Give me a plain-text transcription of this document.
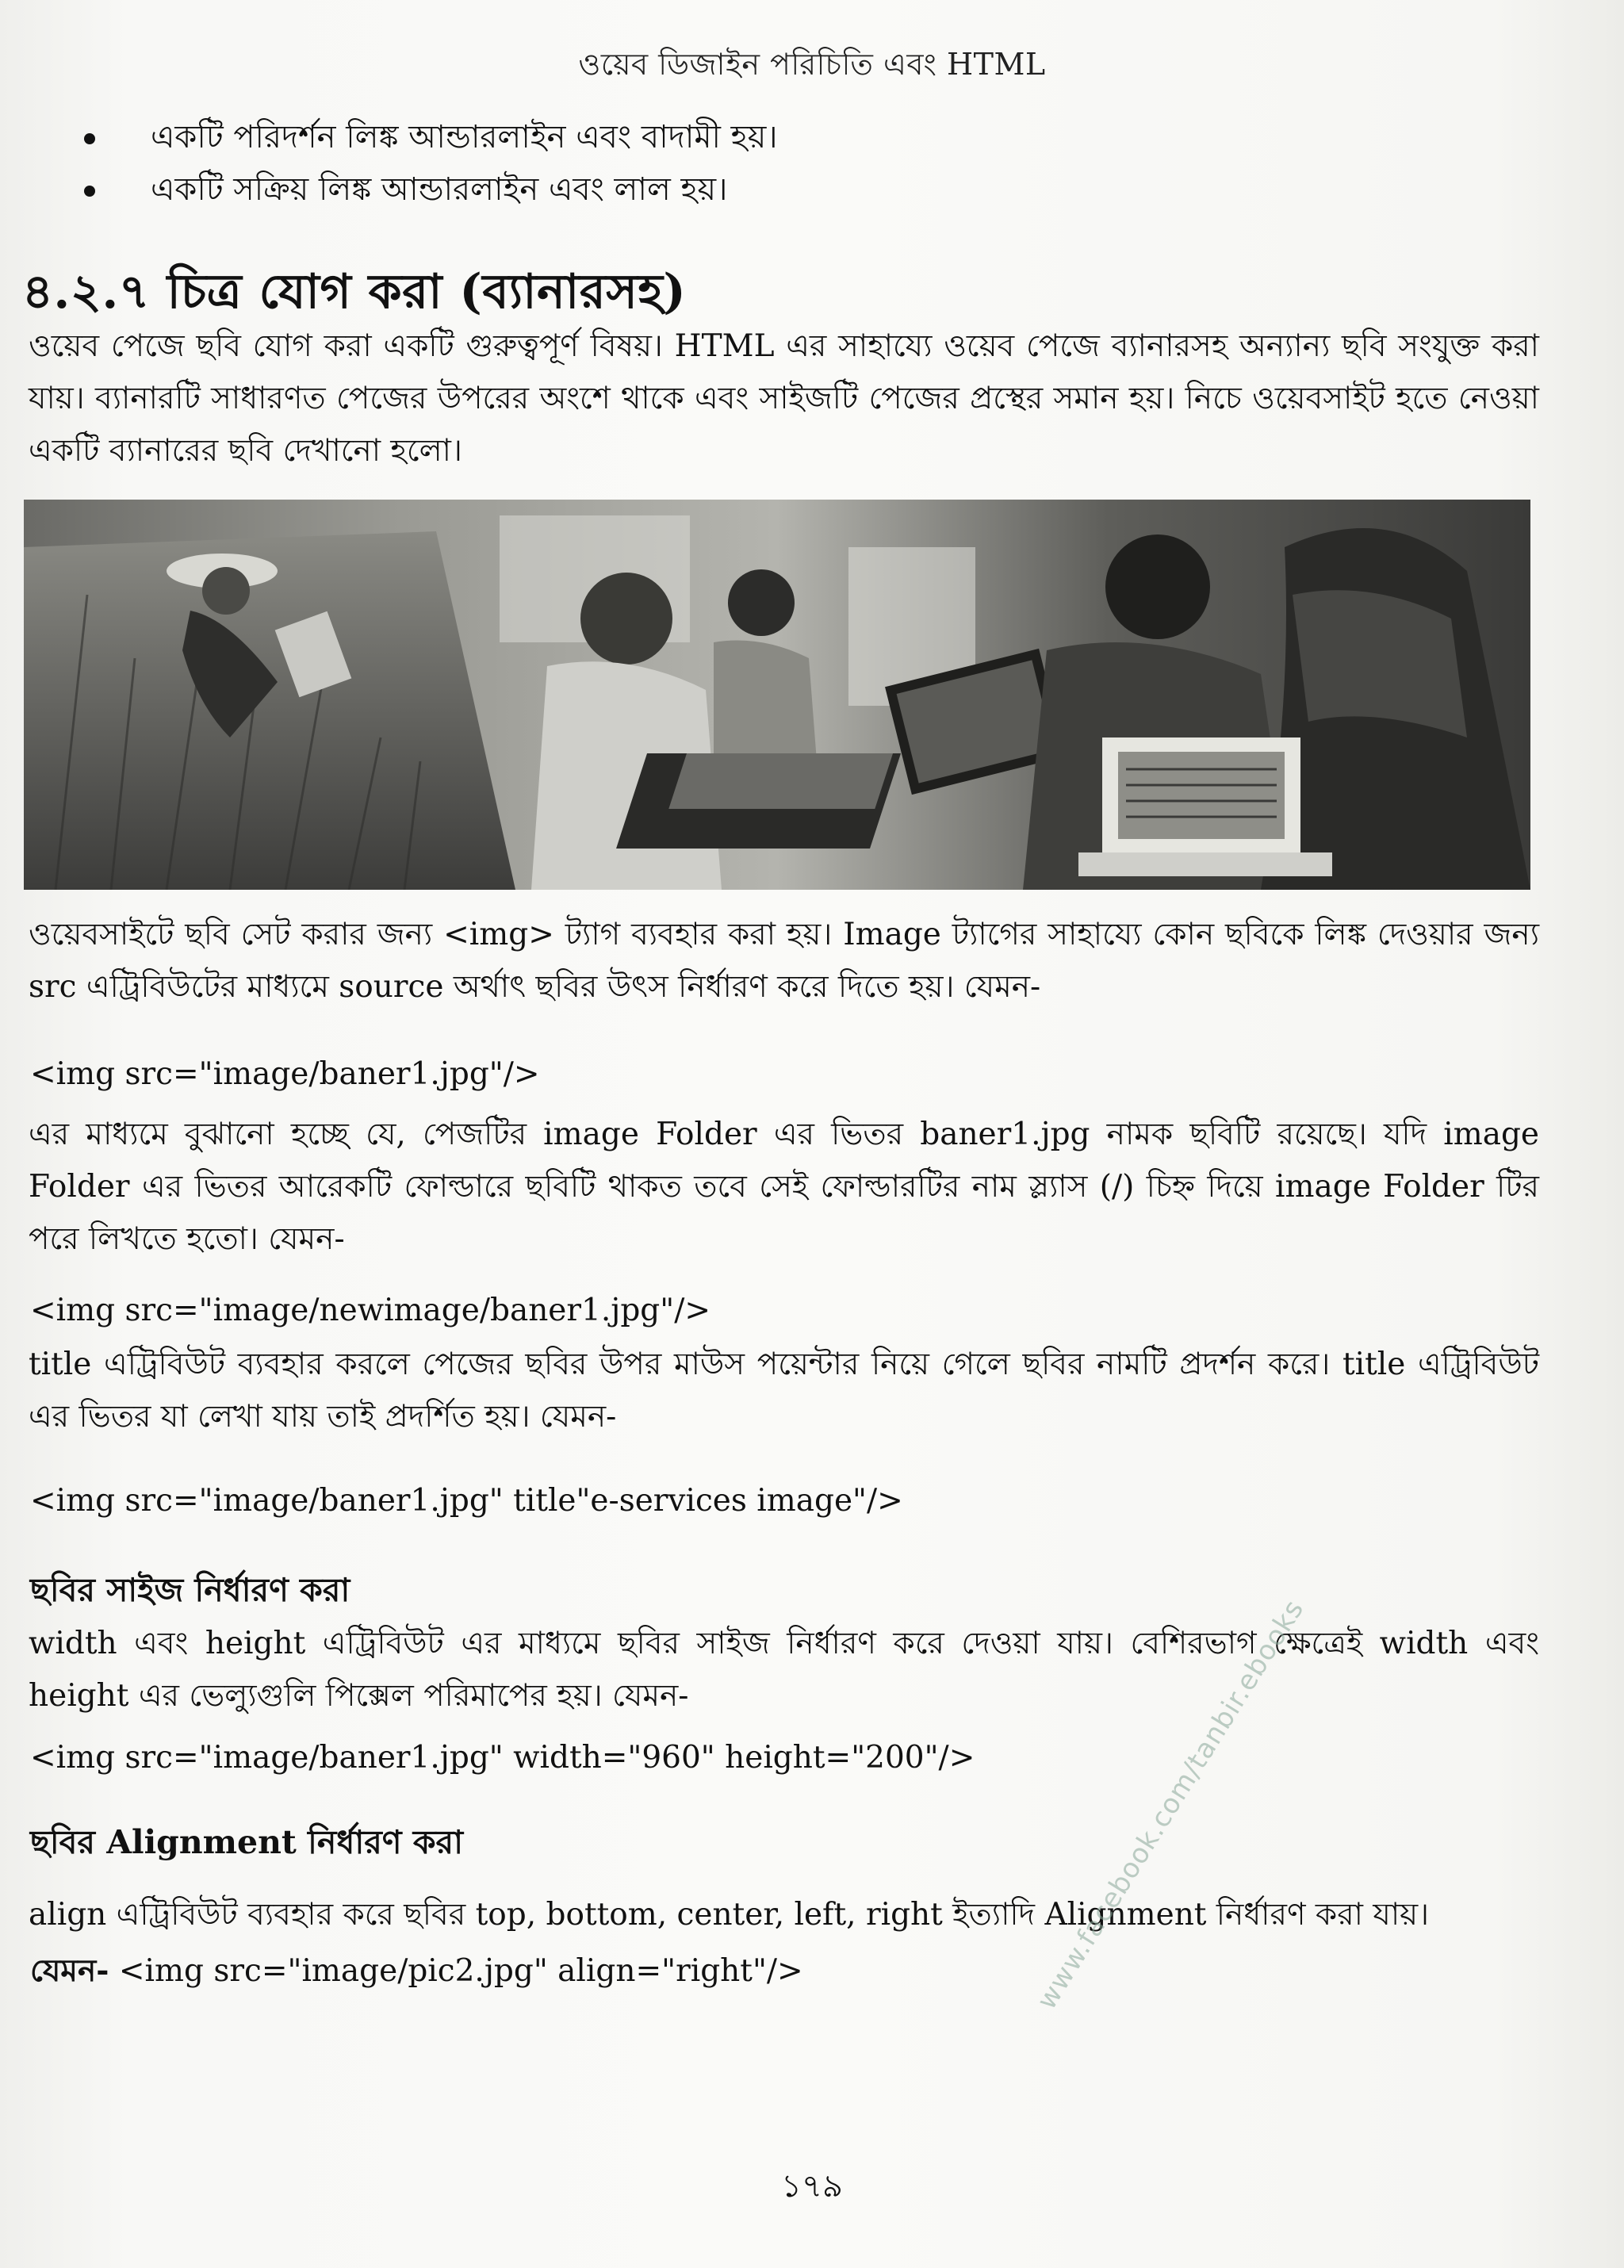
ওয়েব ডিজাইন পরিচিতি এবং HTML
একটি পরিদর্শন লিঙ্ক আন্ডারলাইন এবং বাদামী হয়।
একটি সক্রিয় লিঙ্ক আন্ডারলাইন এবং লাল হয়।
৪.২.৭ চিত্র যোগ করা (ব্যানারসহ)

ওয়েব পেজে ছবি যোগ করা একটি গুরুত্বপূর্ণ বিষয়। HTML এর সাহায্যে ওয়েব পেজে ব্যানারসহ অন্যান্য ছবি সংযুক্ত করা যায়। ব্যানারটি সাধারণত পেজের উপরের অংশে থাকে এবং সাইজটি পেজের প্রস্থের সমান হয়। নিচে ওয়েবসাইট হতে নেওয়া একটি ব্যানারের ছবি দেখানো হলো।

ওয়েবসাইটে ছবি সেট করার জন্য <img> ট্যাগ ব্যবহার করা হয়। Image ট্যাগের সাহায্যে কোন ছবিকে লিঙ্ক দেওয়ার জন্য src এট্রিবিউটের মাধ্যমে source অর্থাৎ ছবির উৎস নির্ধারণ করে দিতে হয়। যেমন-

<img src="image/baner1.jpg"/>

এর মাধ্যমে বুঝানো হচ্ছে যে, পেজটির image Folder এর ভিতর baner1.jpg নামক ছবিটি রয়েছে। যদি image Folder এর ভিতর আরেকটি ফোল্ডারে ছবিটি থাকত তবে সেই ফোল্ডারটির নাম স্ল্যাস (/) চিহ্ন দিয়ে image Folder টির পরে লিখতে হতো। যেমন-

<img src="image/newimage/baner1.jpg"/>

title এট্রিবিউট ব্যবহার করলে পেজের ছবির উপর মাউস পয়েন্টার নিয়ে গেলে ছবির নামটি প্রদর্শন করে। title এট্রিবিউট এর ভিতর যা লেখা যায় তাই প্রদর্শিত হয়। যেমন-

<img src="image/baner1.jpg" title"e-services image"/>
ছবির সাইজ নির্ধারণ করা

width এবং height এট্রিবিউট এর মাধ্যমে ছবির সাইজ নির্ধারণ করে দেওয়া যায়। বেশিরভাগ ক্ষেত্রেই width এবং height এর ভেল্যুগুলি পিক্সেল পরিমাপের হয়। যেমন-

<img src="image/baner1.jpg" width="960" height="200"/>
ছবির Alignment নির্ধারণ করা

align এট্রিবিউট ব্যবহার করে ছবির top, bottom, center, left, right ইত্যাদি Alignment নির্ধারণ করা যায়।

যেমন- <img src="image/pic2.jpg" align="right"/>	www.facebook.com/tanbir.ebooks
১৭৯
